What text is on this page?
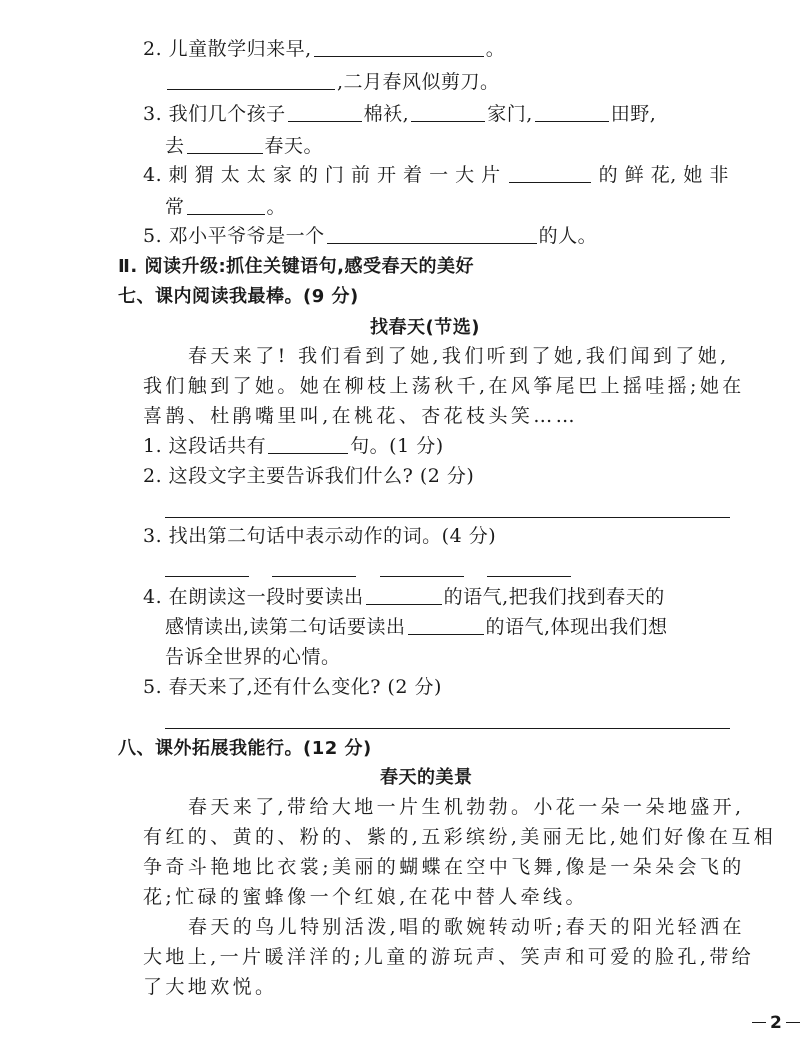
2. 儿童散学归来早,	。
,二月春风似剪刀。
3. 我们几个孩子	棉袄,	家门,	田野,
去	春天。
4. 刺 猬 太 太 家 的 门 前 开 着 一 大 片	的 鲜 花, 她 非
常	。
5. 邓小平爷爷是一个	的人。
Ⅱ. 阅读升级:抓住关键语句,感受春天的美好
七、课内阅读我最棒。(9 分)
找春天(节选)
春天来了! 我们看到了她,我们听到了她,我们闻到了她,
我们触到了她。她在柳枝上荡秋千,在风筝尾巴上摇哇摇;她在
喜鹊、杜鹃嘴里叫,在桃花、杏花枝头笑……
1. 这段话共有	句。(1 分)
2. 这段文字主要告诉我们什么? (2 分)
3. 找出第二句话中表示动作的词。(4 分)
4. 在朗读这一段时要读出	的语气,把我们找到春天的
感情读出,读第二句话要读出	的语气,体现出我们想
告诉全世界的心情。
5. 春天来了,还有什么变化? (2 分)
八、课外拓展我能行。(12 分)
春天的美景
春天来了,带给大地一片生机勃勃。小花一朵一朵地盛开,
有红的、黄的、粉的、紫的,五彩缤纷,美丽无比,她们好像在互相
争奇斗艳地比衣裳;美丽的蝴蝶在空中飞舞,像是一朵朵会飞的
花;忙碌的蜜蜂像一个红娘,在花中替人牵线。
春天的鸟儿特别活泼,唱的歌婉转动听;春天的阳光轻洒在
大地上,一片暖洋洋的;儿童的游玩声、笑声和可爱的脸孔,带给
了大地欢悦。
2
